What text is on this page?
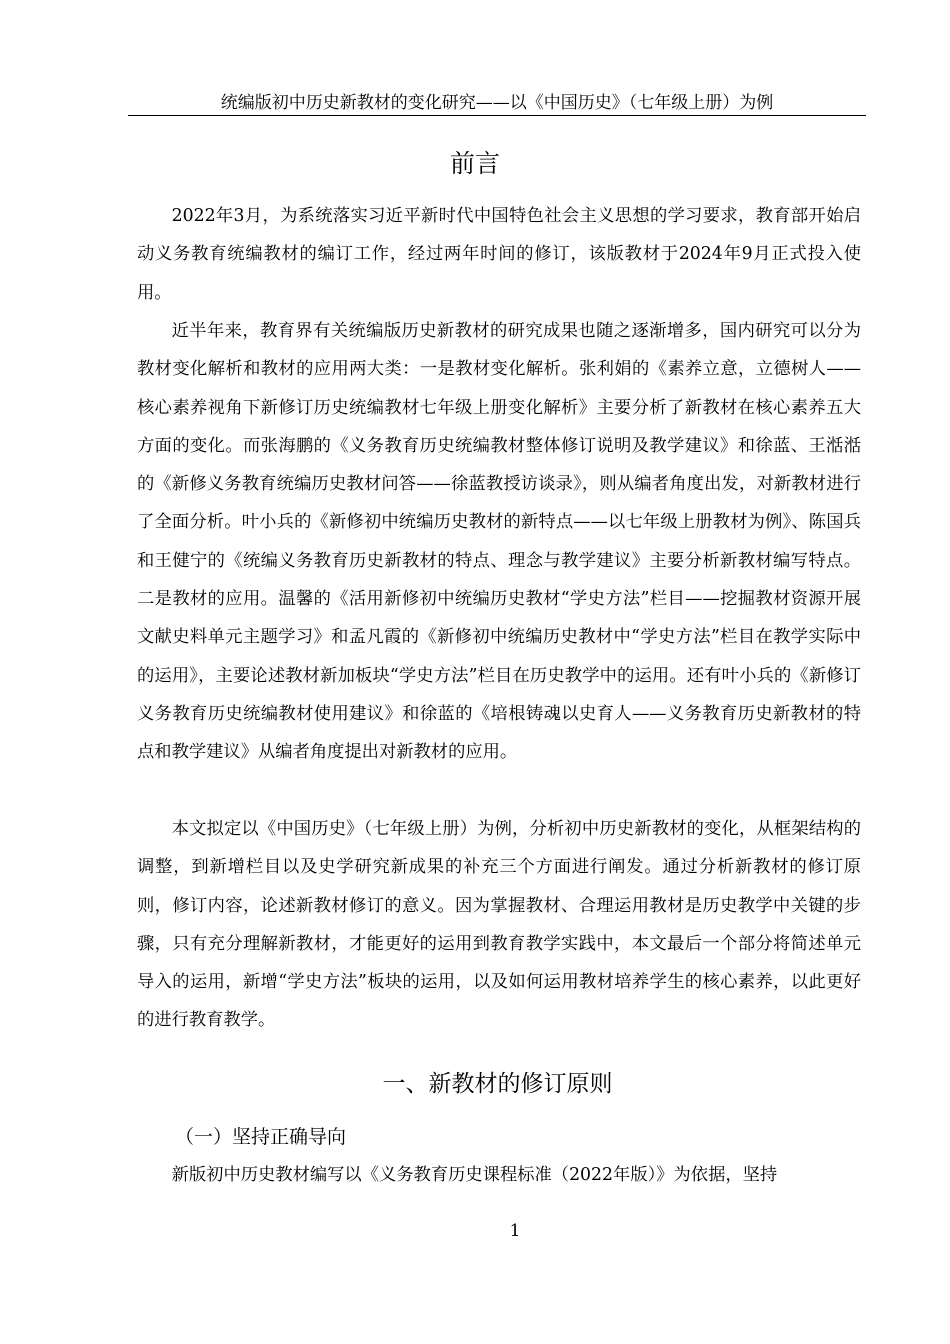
统编版初中历史新教材的变化研究——以《中国历史》（七年级上册）为例
前言

2022年3月，为系统落实习近平新时代中国特色社会主义思想的学习要求，教育部开始启动义务教育统编教材的编订工作，经过两年时间的修订，该版教材于2024年9月正式投入使用。

近半年来，教育界有关统编版历史新教材的研究成果也随之逐渐增多，国内研究可以分为教材变化解析和教材的应用两大类：一是教材变化解析。张利娟的《素养立意，立德树人——核心素养视角下新修订历史统编教材七年级上册变化解析》主要分析了新教材在核心素养五大方面的变化。而张海鹏的《义务教育历史统编教材整体修订说明及教学建议》和徐蓝、王湉湉的《新修义务教育统编历史教材问答——徐蓝教授访谈录》，则从编者角度出发，对新教材进行了全面分析。叶小兵的《新修初中统编历史教材的新特点——以七年级上册教材为例》、陈国兵和王健宁的《统编义务教育历史新教材的特点、理念与教学建议》主要分析新教材编写特点。二是教材的应用。温馨的《活用新修初中统编历史教材“学史方法”栏目——挖掘教材资源开展文献史料单元主题学习》和孟凡霞的《新修初中统编历史教材中“学史方法”栏目在教学实际中的运用》，主要论述教材新加板块“学史方法”栏目在历史教学中的运用。还有叶小兵的《新修订义务教育历史统编教材使用建议》和徐蓝的《培根铸魂以史育人——义务教育历史新教材的特点和教学建议》从编者角度提出对新教材的应用。

本文拟定以《中国历史》（七年级上册）为例，分析初中历史新教材的变化，从框架结构的调整，到新增栏目以及史学研究新成果的补充三个方面进行阐发。通过分析新教材的修订原则，修订内容，论述新教材修订的意义。因为掌握教材、合理运用教材是历史教学中关键的步骤，只有充分理解新教材，才能更好的运用到教育教学实践中，本文最后一个部分将简述单元导入的运用，新增“学史方法”板块的运用，以及如何运用教材培养学生的核心素养，以此更好的进行教育教学。

一、新教材的修订原则
（一）坚持正确导向

新版初中历史教材编写以《义务教育历史课程标准（2022年版）》为依据，坚持

1
